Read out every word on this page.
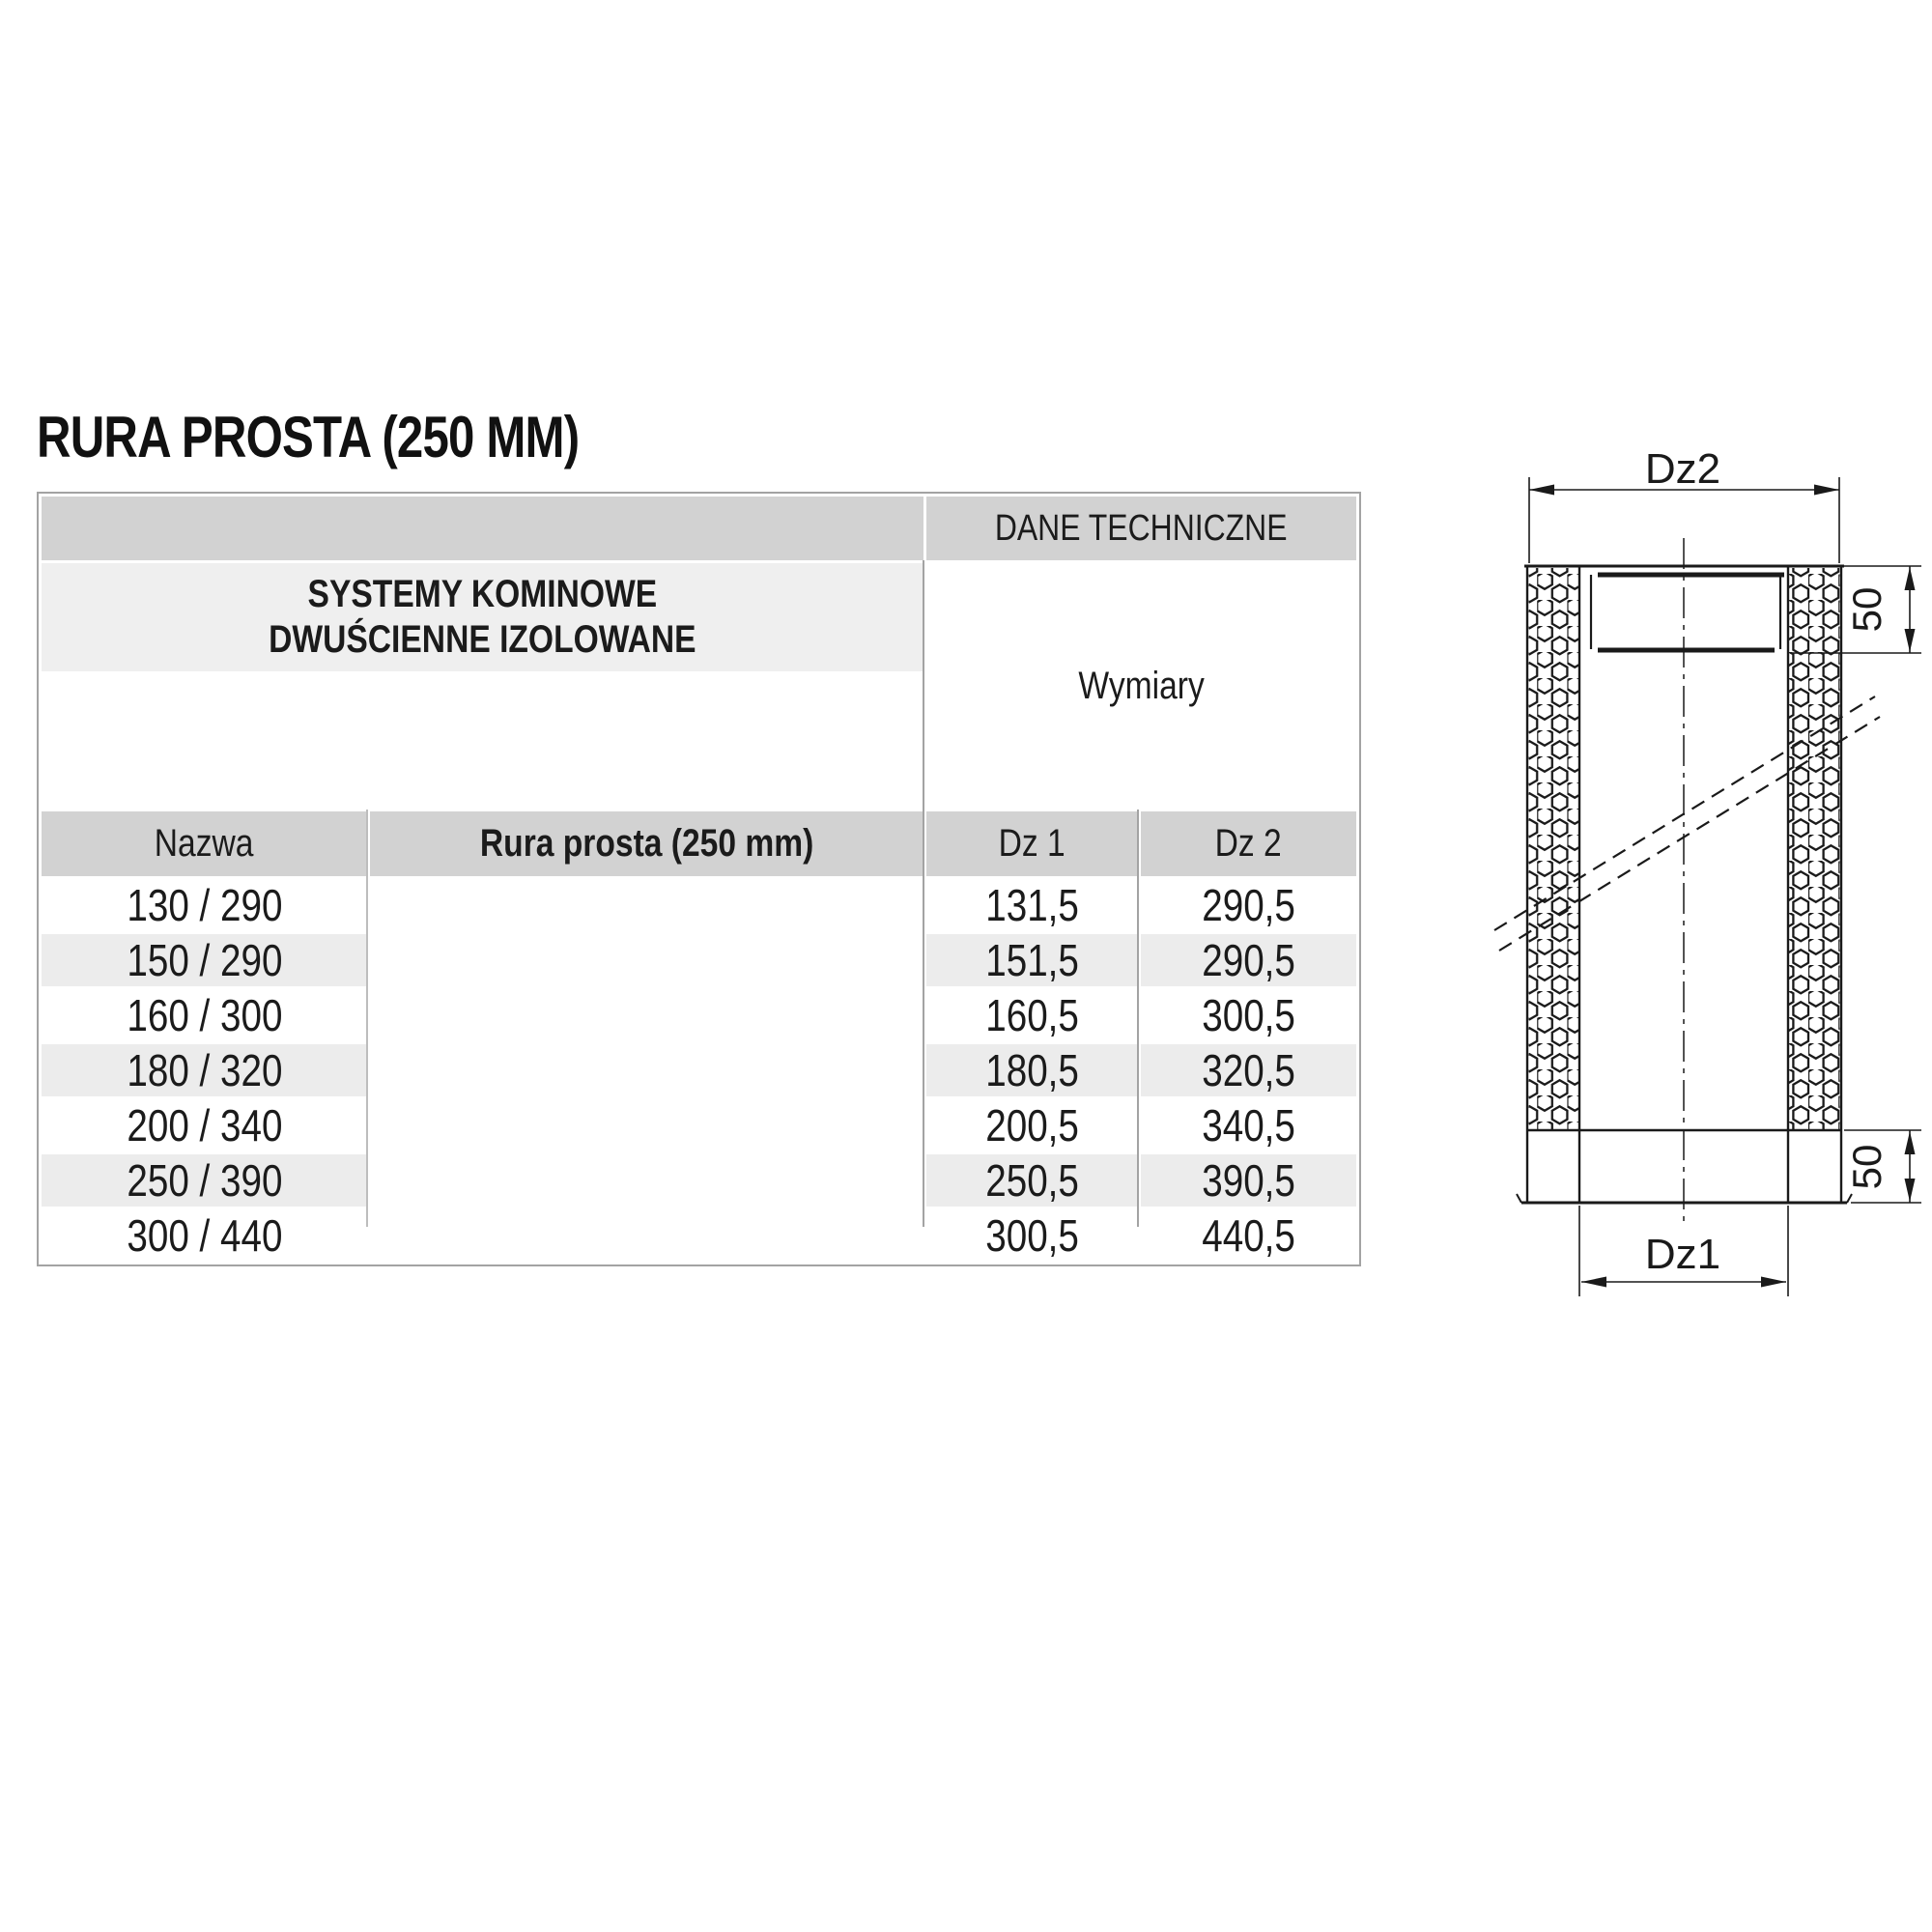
RURA PROSTA (250 MM)
		DANE TECHNICZNE	

SYSTEMY KOMINOWE
DWUŚCIENNE IZOLOWANE		Wymiary	

Nazwa	Rura prosta (250 mm)	Dz 1	Dz 2
130 / 290		131,5	290,5
150 / 290		151,5	290,5
160 / 300		160,5	300,5
180 / 320		180,5	320,5
200 / 340		200,5	340,5
250 / 390		250,5	390,5
300 / 440		300,5	440,5
Dz2
50
50
Dz1
